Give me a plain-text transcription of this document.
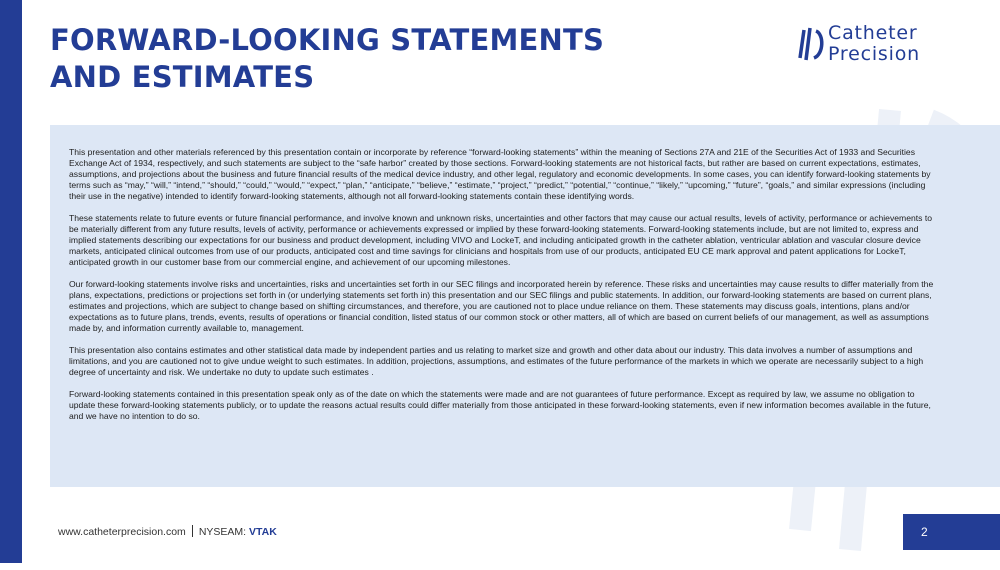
FORWARD-LOOKING STATEMENTS
AND ESTIMATES
Catheter
Precision

This presentation and other materials referenced by this presentation contain or incorporate by reference “forward-looking statements” within the meaning of Sections 27A and 21E of the Securities Act of 1933 and Securities Exchange Act of 1934, respectively, and such statements are subject to the “safe harbor” created by those sections. Forward-looking statements are not historical facts, but rather are based on current expectations, estimates, assumptions, and projections about the business and future financial results of the medical device industry, and other legal, regulatory and economic developments. In some cases, you can identify forward-looking statements by terms such as “may,” “will,” “intend,” “should,” “could,” “would,” “expect,” “plan,” “anticipate,” “believe,” “estimate,” “project,” “predict,” “potential,” “continue,” “likely,” “upcoming,” “future”, “goals,” and similar expressions (including their use in the negative) intended to identify forward-looking statements, although not all forward-looking statements contain these identifying words.

These statements relate to future events or future financial performance, and involve known and unknown risks, uncertainties and other factors that may cause our actual results, levels of activity, performance or achievements to be materially different from any future results, levels of activity, performance or achievements expressed or implied by these forward-looking statements. Forward-looking statements include, but are not limited to, express and implied statements describing our expectations for our business and product development, including VIVO and LockeT, and including anticipated growth in the catheter ablation, ventricular ablation and vascular closure device markets, anticipated clinical outcomes from use of our products, anticipated cost and time savings for clinicians and hospitals from use of our products, anticipated EU CE mark approval and patent applications for LockeT, anticipated growth in our customer base from our commercial engine, and achievement of our upcoming milestones.

Our forward-looking statements involve risks and uncertainties, risks and uncertainties set forth in our SEC filings and incorporated herein by reference. These risks and uncertainties may cause results to differ materially from the plans, expectations, predictions or projections set forth in (or underlying statements set forth in) this presentation and our SEC filings and public statements. In addition, our forward-looking statements are based on current plans, estimates and projections, which are subject to change based on shifting circumstances, and therefore, you are cautioned not to place undue reliance on them. These statements may discuss goals, intentions, plans and/or expectations as to future plans, trends, events, results of operations or financial condition, listed status of our common stock or other matters, all of which are based on current beliefs of our management, as well as assumptions made by, and information currently available to, management.

This presentation also contains estimates and other statistical data made by independent parties and us relating to market size and growth and other data about our industry. This data involves a number of assumptions and limitations, and you are cautioned not to give undue weight to such estimates. In addition, projections, assumptions, and estimates of the future performance of the markets in which we operate are necessarily subject to a high degree of uncertainty and risk. We undertake no duty to update such estimates .

Forward-looking statements contained in this presentation speak only as of the date on which the statements were made and are not guarantees of future performance. Except as required by law, we assume no obligation to update these forward-looking statements publicly, or to update the reasons actual results could differ materially from those anticipated in these forward-looking statements, even if new information becomes available in the future, and we have no intention to do so.

www.catheterprecision.com NYSEAM: VTAK	2
